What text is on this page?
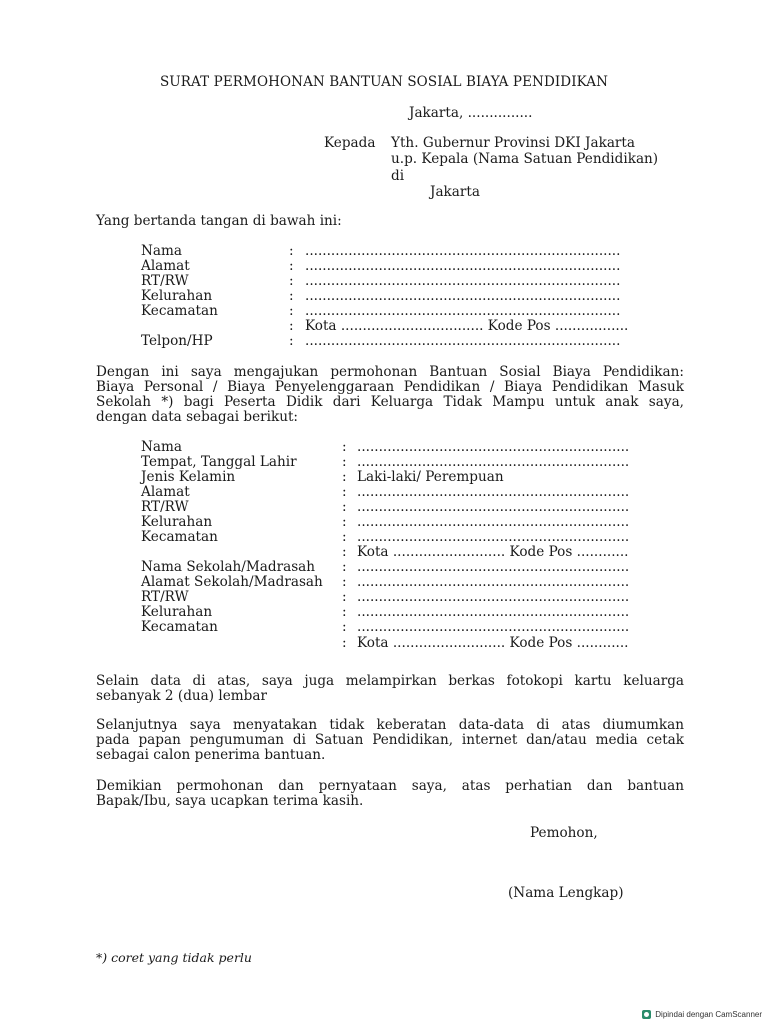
SURAT PERMOHONAN BANTUAN SOSIAL BIAYA PENDIDIKAN
Jakarta, ...............
Kepada Yth. Gubernur Provinsi DKI Jakarta
u.p. Kepala (Nama Satuan Pendidikan)
di
Jakarta
Yang bertanda tangan di bawah ini:
Nama	: .........................................................................
Alamat	: .........................................................................
RT/RW	: .........................................................................
Kelurahan	: .........................................................................
Kecamatan	: .........................................................................
: Kota ................................. Kode Pos .................
Telpon/HP	: .........................................................................
Dengan ini saya mengajukan permohonan Bantuan Sosial Biaya Pendidikan:
Biaya Personal / Biaya Penyelenggaraan Pendidikan / Biaya Pendidikan Masuk
Sekolah *) bagi Peserta Didik dari Keluarga Tidak Mampu untuk anak saya,
dengan data sebagai berikut:
Nama	: ...............................................................
Tempat, Tanggal Lahir	: ...............................................................
Jenis Kelamin	: Laki-laki/ Perempuan
Alamat	: ...............................................................
RT/RW	: ...............................................................
Kelurahan	: ...............................................................
Kecamatan	: ...............................................................
: Kota .......................... Kode Pos ............
Nama Sekolah/Madrasah : ...............................................................
Alamat Sekolah/Madrasah : ...............................................................
RT/RW	: ...............................................................
Kelurahan	: ...............................................................
Kecamatan	: ...............................................................
: Kota .......................... Kode Pos ............
Selain data di atas, saya juga melampirkan berkas fotokopi kartu keluarga
sebanyak 2 (dua) lembar
Selanjutnya saya menyatakan tidak keberatan data-data di atas diumumkan
pada papan pengumuman di Satuan Pendidikan, internet dan/atau media cetak
sebagai calon penerima bantuan.
Demikian permohonan dan pernyataan saya, atas perhatian dan bantuan
Bapak/Ibu, saya ucapkan terima kasih.
Pemohon,
(Nama Lengkap)
*) coret yang tidak perlu
Dipindai dengan CamScanner
